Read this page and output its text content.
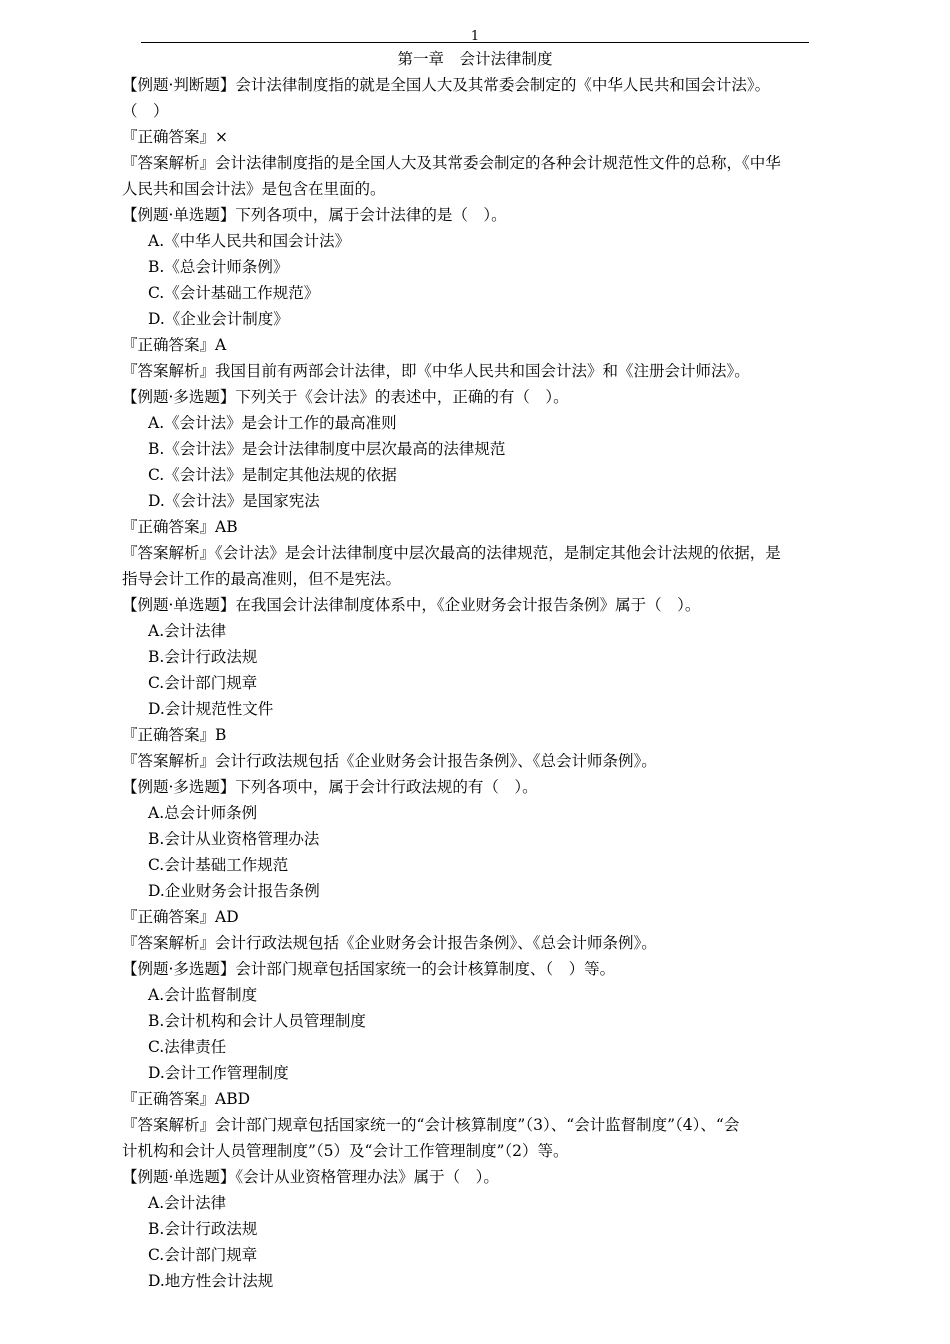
1
第一章　会计法律制度
【例题·判断题】会计法律制度指的就是全国人大及其常委会制定的《中华人民共和国会计法》。
（　）
『正确答案』×
『答案解析』会计法律制度指的是全国人大及其常委会制定的各种会计规范性文件的总称，《中华
人民共和国会计法》是包含在里面的。
【例题·单选题】下列各项中，属于会计法律的是（　）。
A.《中华人民共和国会计法》
B.《总会计师条例》
C.《会计基础工作规范》
D.《企业会计制度》
『正确答案』A
『答案解析』我国目前有两部会计法律，即《中华人民共和国会计法》和《注册会计师法》。
【例题·多选题】下列关于《会计法》的表述中，正确的有（　）。
A.《会计法》是会计工作的最高准则
B.《会计法》是会计法律制度中层次最高的法律规范
C.《会计法》是制定其他法规的依据
D.《会计法》是国家宪法
『正确答案』AB
『答案解析』《会计法》是会计法律制度中层次最高的法律规范，是制定其他会计法规的依据，是
指导会计工作的最高准则，但不是宪法。
【例题·单选题】在我国会计法律制度体系中，《企业财务会计报告条例》属于（　）。
A.会计法律
B.会计行政法规
C.会计部门规章
D.会计规范性文件
『正确答案』B
『答案解析』会计行政法规包括《企业财务会计报告条例》、《总会计师条例》。
【例题·多选题】下列各项中，属于会计行政法规的有（　）。
A.总会计师条例
B.会计从业资格管理办法
C.会计基础工作规范
D.企业财务会计报告条例
『正确答案』AD
『答案解析』会计行政法规包括《企业财务会计报告条例》、《总会计师条例》。
【例题·多选题】会计部门规章包括国家统一的会计核算制度、（　）等。
A.会计监督制度
B.会计机构和会计人员管理制度
C.法律责任
D.会计工作管理制度
『正确答案』ABD
『答案解析』会计部门规章包括国家统一的“会计核算制度”（3）、“会计监督制度”（4）、“会
计机构和会计人员管理制度”（5）及“会计工作管理制度”（2）等。
【例题·单选题】《会计从业资格管理办法》属于（　）。
A.会计法律
B.会计行政法规
C.会计部门规章
D.地方性会计法规
